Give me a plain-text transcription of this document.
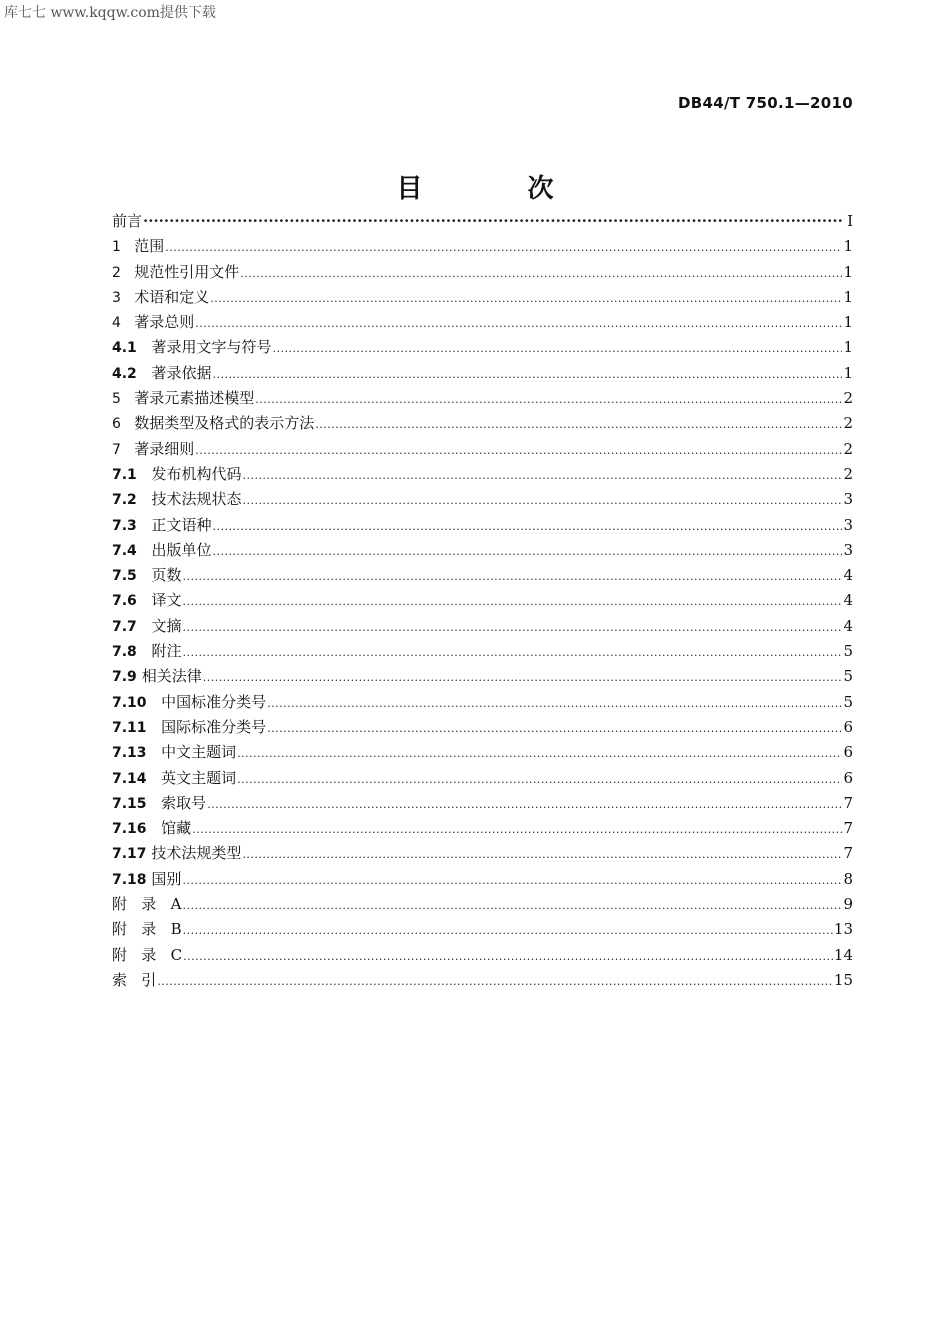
库七七 www.kqqw.com提供下载
DB44/T 750.1—2010
目 次
前言 ·····	I
1 范围 .....	1
2 规范性引用文件 .....	1
3 术语和定义 .....	1
4 著录总则 .....	1
4.1 著录用文字与符号 .....	1
4.2 著录依据 .....	1
5 著录元素描述模型 .....	2
6 数据类型及格式的表示方法 .....	2
7 著录细则 .....	2
7.1 发布机构代码 .....	2
7.2 技术法规状态 .....	3
7.3 正文语种 .....	3
7.4 出版单位 .....	3
7.5 页数 .....	4
7.6 译文 .....	4
7.7 文摘 .....	4
7.8 附注 .....	5
7.9 相关法律 .....	5
7.10 中国标准分类号 .....	5
7.11 国际标准分类号 .....	6
7.13 中文主题词 .....	6
7.14 英文主题词 .....	6
7.15 索取号 .....	7
7.16 馆藏 .....	7
7.17 技术法规类型 .....	7
7.18 国别 .....	8
附   录   A .....	9
附   录   B .....	13
附   录   C .....	14
索   引 .....	15
